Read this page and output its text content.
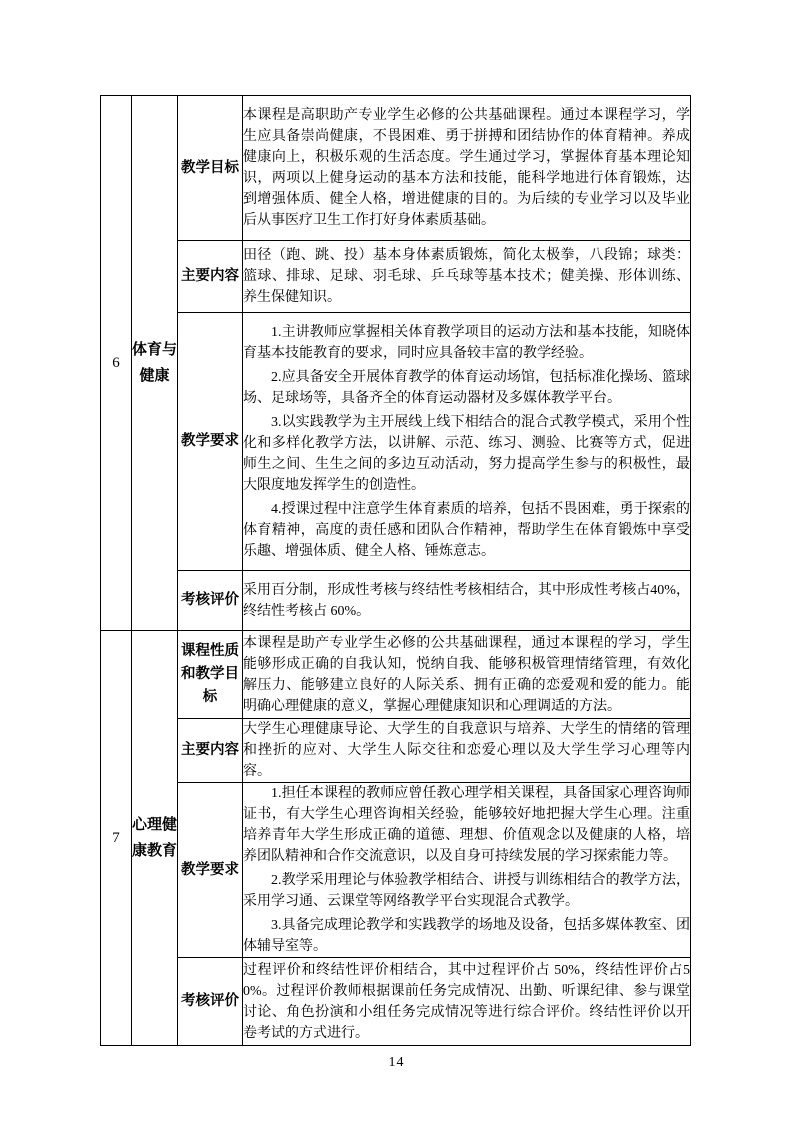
6	体育与健康	教学目标	本课程是高职助产专业学生必修的公共基础课程。通过本课程学习，学生应具备崇尚健康，不畏困难、勇于拼搏和团结协作的体育精神。养成健康向上，积极乐观的生活态度。学生通过学习，掌握体育基本理论知识，两项以上健身运动的基本方法和技能，能科学地进行体育锻炼，达到增强体质、健全人格，增进健康的目的。为后续的专业学习以及毕业后从事医疗卫生工作打好身体素质基础。

		主要内容	田径（跑、跳、投）基本身体素质锻炼，简化太极拳，八段锦；球类：篮球、排球、足球、羽毛球、乒乓球等基本技术；健美操、形体训练、养生保健知识。

		教学要求	1.主讲教师应掌握相关体育教学项目的运动方法和基本技能，知晓体育基本技能教育的要求，同时应具备较丰富的教学经验。

2.应具备安全开展体育教学的体育运动场馆，包括标准化操场、篮球场、足球场等，具备齐全的体育运动器材及多媒体教学平台。

3.以实践教学为主开展线上线下相结合的混合式教学模式，采用个性化和多样化教学方法，以讲解、示范、练习、测验、比赛等方式，促进师生之间、生生之间的多边互动活动，努力提高学生参与的积极性，最大限度地发挥学生的创造性。

4.授课过程中注意学生体育素质的培养，包括不畏困难，勇于探索的体育精神，高度的责任感和团队合作精神，帮助学生在体育锻炼中享受乐趣、增强体质、健全人格、锤炼意志。

		考核评价	采用百分制，形成性考核与终结性考核相结合，其中形成性考核占40%，终结性考核占 60%。

7	心理健康教育	课程性质和教学目标	本课程是助产专业学生必修的公共基础课程，通过本课程的学习，学生能够形成正确的自我认知，悦纳自我、能够积极管理情绪管理，有效化解压力、能够建立良好的人际关系、拥有正确的恋爱观和爱的能力。能明确心理健康的意义，掌握心理健康知识和心理调适的方法。

		主要内容	大学生心理健康导论、大学生的自我意识与培养、大学生的情绪的管理和挫折的应对、大学生人际交往和恋爱心理以及大学生学习心理等内容。

		教学要求	1.担任本课程的教师应曾任教心理学相关课程，具备国家心理咨询师证书，有大学生心理咨询相关经验，能够较好地把握大学生心理。注重培养青年大学生形成正确的道德、理想、价值观念以及健康的人格，培养团队精神和合作交流意识，以及自身可持续发展的学习探索能力等。

2.教学采用理论与体验教学相结合、讲授与训练相结合的教学方法，采用学习通、云课堂等网络教学平台实现混合式教学。

3.具备完成理论教学和实践教学的场地及设备，包括多媒体教室、团体辅导室等。

		考核评价	过程评价和终结性评价相结合，其中过程评价占 50%，终结性评价占50%。过程评价教师根据课前任务完成情况、出勤、听课纪律、参与课堂讨论、角色扮演和小组任务完成情况等进行综合评价。终结性评价以开卷考试的方式进行。

14
